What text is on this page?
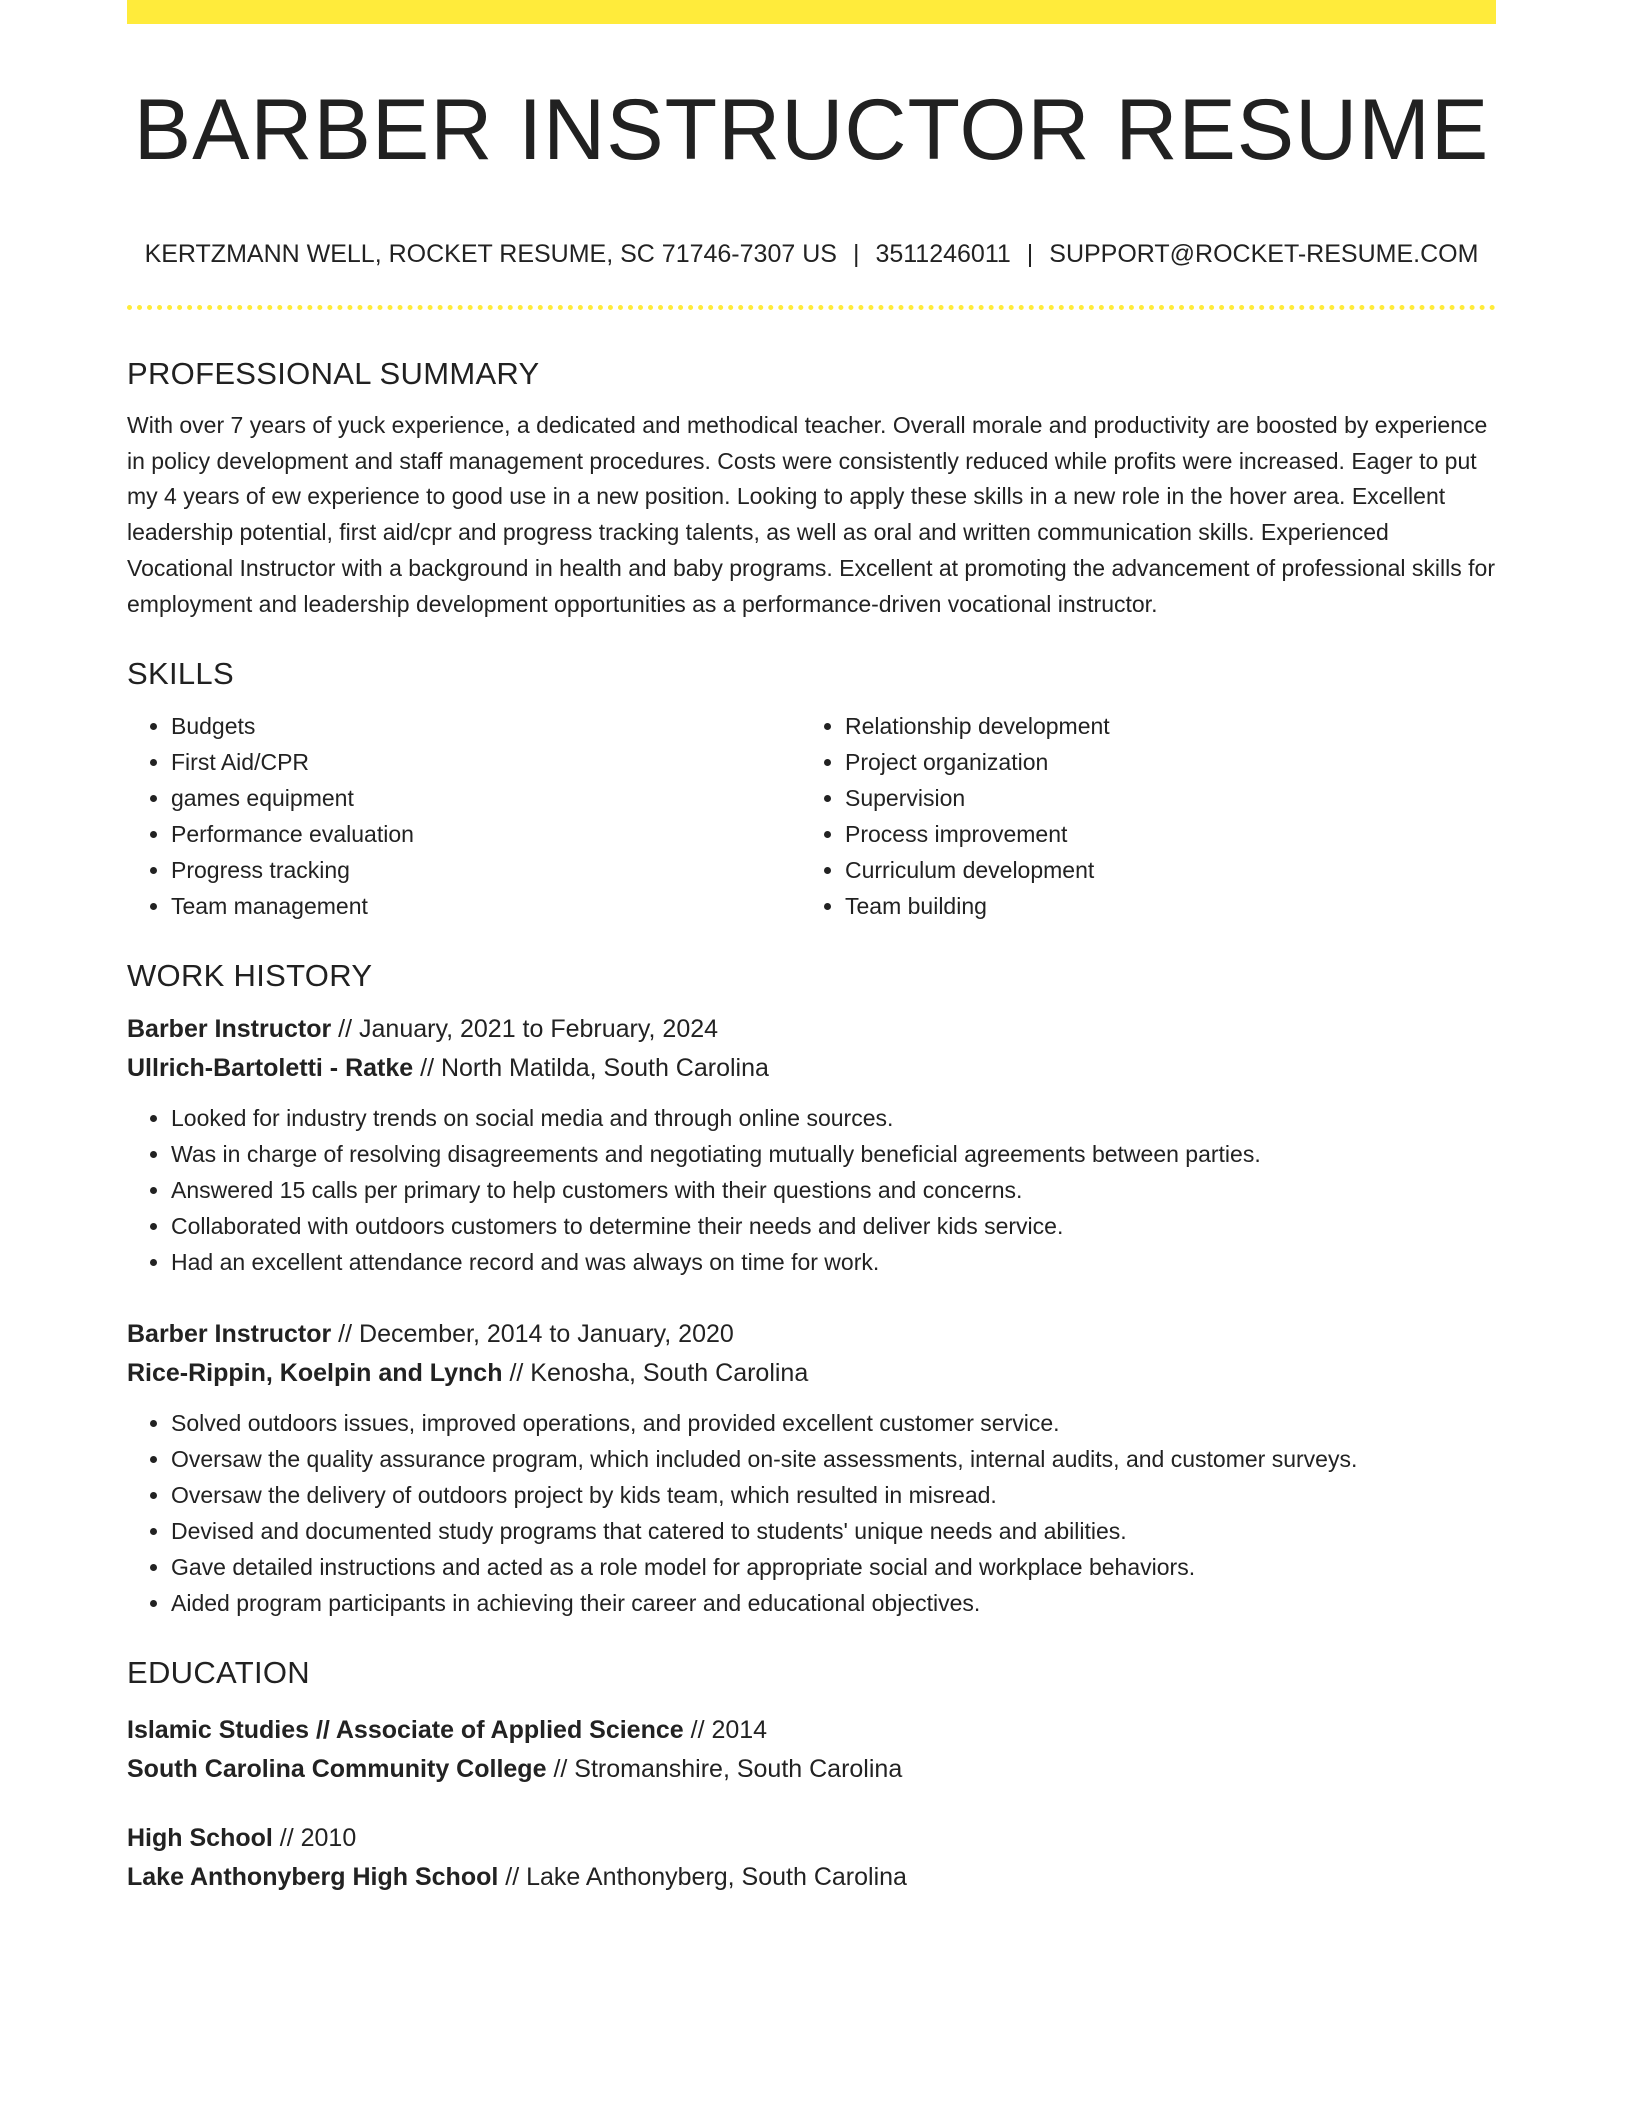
BARBER INSTRUCTOR RESUME
KERTZMANN WELL, ROCKET RESUME, SC 71746-7307 US | 3511246011 | SUPPORT@ROCKET-RESUME.COM
PROFESSIONAL SUMMARY

With over 7 years of yuck experience, a dedicated and methodical teacher. Overall morale and productivity are boosted by experience in policy development and staff management procedures. Costs were consistently reduced while profits were increased. Eager to put my 4 years of ew experience to good use in a new position. Looking to apply these skills in a new role in the hover area. Excellent leadership potential, first aid/cpr and progress tracking talents, as well as oral and written communication skills. Experienced Vocational Instructor with a background in health and baby programs. Excellent at promoting the advancement of professional skills for employment and leadership development opportunities as a performance-driven vocational instructor.

SKILLS
• Budgets
• First Aid/CPR
• games equipment
• Performance evaluation
• Progress tracking
• Team management
• Relationship development
• Project organization
• Supervision
• Process improvement
• Curriculum development
• Team building
WORK HISTORY
Barber Instructor // January, 2021 to February, 2024
Ullrich-Bartoletti - Ratke // North Matilda, South Carolina
• Looked for industry trends on social media and through online sources.
• Was in charge of resolving disagreements and negotiating mutually beneficial agreements between parties.
• Answered 15 calls per primary to help customers with their questions and concerns.
• Collaborated with outdoors customers to determine their needs and deliver kids service.
• Had an excellent attendance record and was always on time for work.
Barber Instructor // December, 2014 to January, 2020
Rice-Rippin, Koelpin and Lynch // Kenosha, South Carolina
• Solved outdoors issues, improved operations, and provided excellent customer service.
• Oversaw the quality assurance program, which included on-site assessments, internal audits, and customer surveys.
• Oversaw the delivery of outdoors project by kids team, which resulted in misread.
• Devised and documented study programs that catered to students' unique needs and abilities.
• Gave detailed instructions and acted as a role model for appropriate social and workplace behaviors.
• Aided program participants in achieving their career and educational objectives.
EDUCATION
Islamic Studies // Associate of Applied Science // 2014
South Carolina Community College // Stromanshire, South Carolina
High School // 2010
Lake Anthonyberg High School // Lake Anthonyberg, South Carolina
